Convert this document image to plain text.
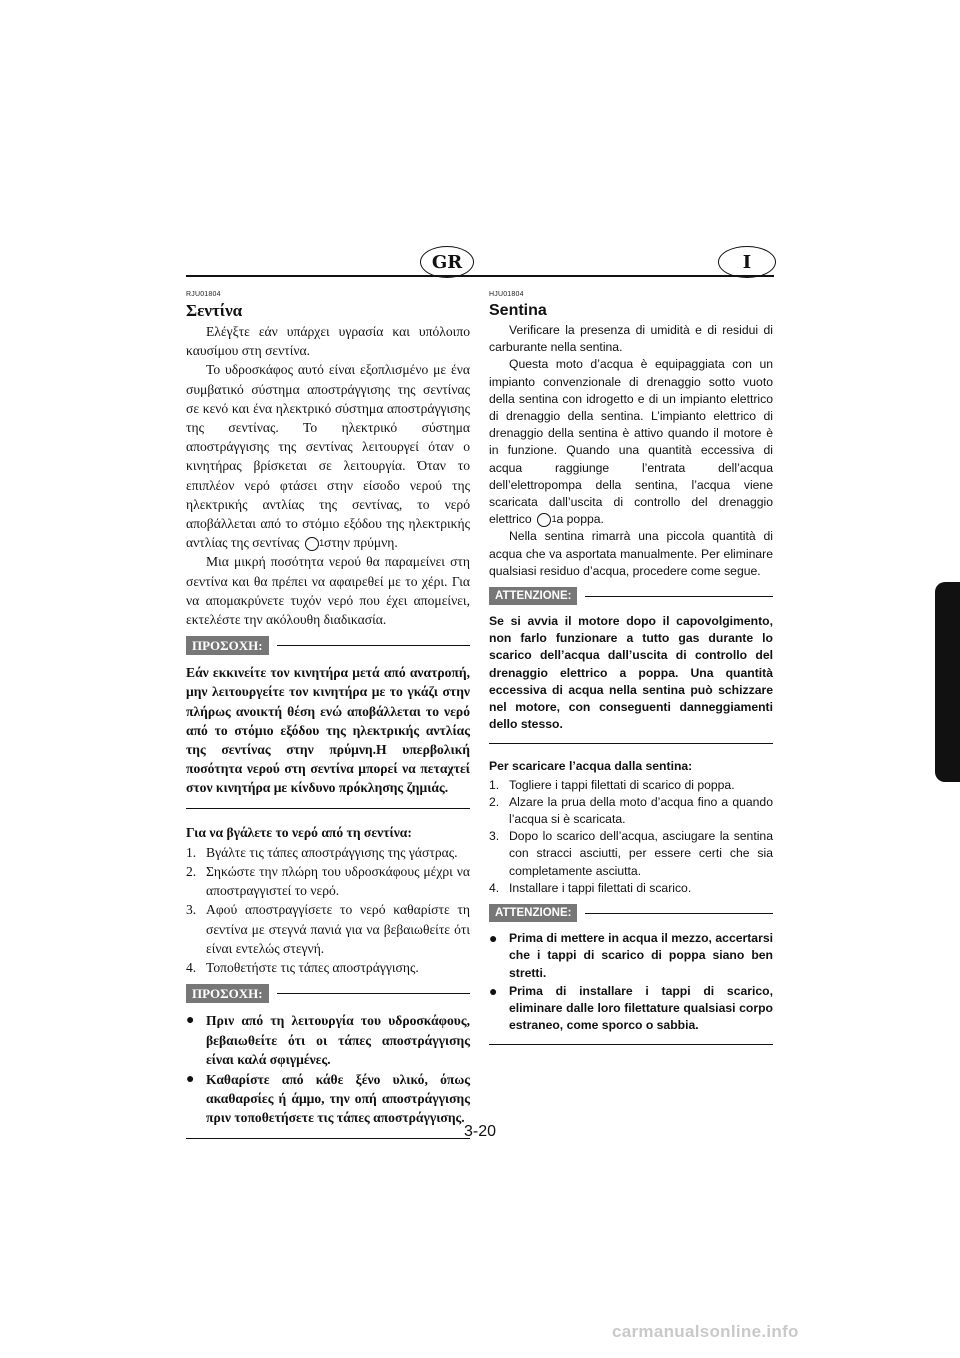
GR	I
RJU01804
Σεντίνα

Ελέγξτε εάν υπάρχει υγρασία και υπόλοιπο καυσίμου στη σεντίνα.

Το υδροσκάφος αυτό είναι εξοπλισμένο με ένα συμβατικό σύστημα αποστράγγισης της σεντίνας σε κενό και ένα ηλεκτρικό σύστημα αποστράγγισης της σεντίνας. Το ηλεκτρικό σύστημα αποστράγγισης της σεντίνας λειτουργεί όταν ο κινητήρας βρίσκεται σε λειτουργία. Όταν το επιπλέον νερό φτάσει στην είσοδο νερού της ηλεκτρικής αντλίας της σεντίνας, το νερό αποβάλλεται από το στόμιο εξόδου της ηλεκτρικής αντλίας της σεντίνας 1 στην πρύμνη.

Μια μικρή ποσότητα νερού θα παραμείνει στη σεντίνα και θα πρέπει να αφαιρεθεί με το χέρι. Για να απομακρύνετε τυχόν νερό που έχει απομείνει, εκτελέστε την ακόλουθη διαδικασία.

ΠΡΟΣΟΧΗ:

Εάν εκκινείτε τον κινητήρα μετά από ανατροπή, μην λειτουργείτε τον κινητήρα με το γκάζι στην πλήρως ανοικτή θέση ενώ αποβάλλεται το νερό από το στόμιο εξόδου της ηλεκτρικής αντλίας της σεντίνας στην πρύμνη.Η υπερβολική ποσότητα νερού στη σεντίνα μπορεί να πεταχτεί στον κινητήρα με κίνδυνο πρόκλησης ζημιάς.

Για να βγάλετε το νερό από τη σεντίνα:
1. Βγάλτε τις τάπες αποστράγγισης της γάστρας.
2. Σηκώστε την πλώρη του υδροσκάφους μέχρι να αποστραγγιστεί το νερό.
3. Αφού αποστραγγίσετε το νερό καθαρίστε τη σεντίνα με στεγνά πανιά για να βεβαιωθείτε ότι είναι εντελώς στεγνή.
4. Τοποθετήστε τις τάπες αποστράγγισης.
ΠΡΟΣΟΧΗ:
● Πριν από τη λειτουργία του υδροσκάφους, βεβαιωθείτε ότι οι τάπες αποστράγγισης είναι καλά σφιγμένες.
● Καθαρίστε από κάθε ξένο υλικό, όπως ακαθαρσίες ή άμμο, την οπή αποστράγγισης πριν τοποθετήσετε τις τάπες αποστράγγισης.
HJU01804
Sentina

Verificare la presenza di umidità e di residui di carburante nella sentina.

Questa moto d’acqua è equipaggiata con un impianto convenzionale di drenaggio sotto vuoto della sentina con idrogetto e di un impianto elettrico di drenaggio della sentina. L’impianto elettrico di drenaggio della sentina è attivo quando il motore è in funzione. Quando una quantità eccessiva di acqua raggiunge l’entrata dell’acqua dell’elettropompa della sentina, l’acqua viene scaricata dall’uscita di controllo del drenaggio elettrico 1 a poppa.

Nella sentina rimarrà una piccola quantità di acqua che va asportata manualmente. Per eliminare qualsiasi residuo d’acqua, procedere come segue.

ATTENZIONE:

Se si avvia il motore dopo il capovolgimento, non farlo funzionare a tutto gas durante lo scarico dell’acqua dall’uscita di controllo del drenaggio elettrico a poppa. Una quantità eccessiva di acqua nella sentina può schizzare nel motore, con conseguenti danneggiamenti dello stesso.

Per scaricare l’acqua dalla sentina:
1. Togliere i tappi filettati di scarico di poppa.
2. Alzare la prua della moto d’acqua fino a quando l’acqua si è scaricata.
3. Dopo lo scarico dell’acqua, asciugare la sentina con stracci asciutti, per essere certi che sia completamente asciutta.
4. Installare i tappi filettati di scarico.
ATTENZIONE:
● Prima di mettere in acqua il mezzo, accertarsi che i tappi di scarico di poppa siano ben stretti.
● Prima di installare i tappi di scarico, eliminare dalle loro filettature qualsiasi corpo estraneo, come sporco o sabbia.
3-20
carmanualsonline.info
